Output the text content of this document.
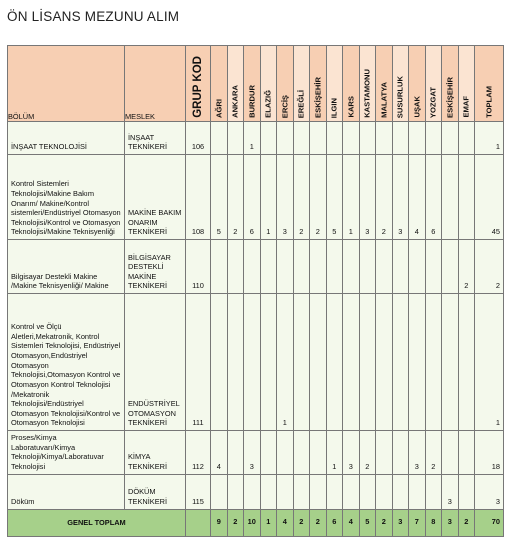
ÖN LİSANS MEZUNU ALIM
BÖLÜM	MESLEK	GRUP KOD	AĞRI	ANKARA	BURDUR	ELAZIĞ	ERCİŞ	EREĞLİ	ESKİŞEHİR	ILGIN	KARS	KASTAMONU	MALATYA	SUSURLUK	UŞAK	YOZGAT	ESKİŞEHİR	EMAF	TOPLAM

İNŞAAT TEKNOLOJİSİ	İNŞAAT TEKNİKERİ	106			1														1
Kontrol Sistemleri Teknolojisi/Makine Bakım Onarım/ Makine/Kontrol sistemleri/Endüstriyel Otomasyon Teknolojisi/Kontrol ve Otomasyon Teknolojisi/Makine Teknisyenliği	MAKİNE BAKIM ONARIM TEKNİKERİ	108	5	2	6	1	3	2	2	5	1	3	2	3	4	6			45
Bilgisayar Destekli Makine /Makine Teknisyenliği/ Makine	BİLGİSAYAR DESTEKLİ MAKİNE TEKNİKERİ	110																2	2
Kontrol ve Ölçü Aletleri,Mekatronik, Kontrol Sistemleri Teknolojisi, Endüstriyel Otomasyon,Endüstriyel Otomasyon Teknolojisi,Otomasyon Kontrol ve Otomasyon Kontrol Teknolojisi /Mekatronik Teknolojisi/Endüstriyel Otomasyon Teknolojisi/Kontrol ve Otomasyon Teknolojisi	ENDÜSTRİYEL OTOMASYON TEKNİKERİ	111					1												1
Proses/Kimya Laboratuvarı/Kimya Teknoloji/Kimya/Laboratuvar Teknolojisi	KİMYA TEKNİKERİ	112	4		3					1	3	2			3	2			18
Döküm	DÖKÜM TEKNİKERİ	115															3		3
GENEL TOPLAM			9	2	10	1	4	2	2	6	4	5	2	3	7	8	3	2	70
